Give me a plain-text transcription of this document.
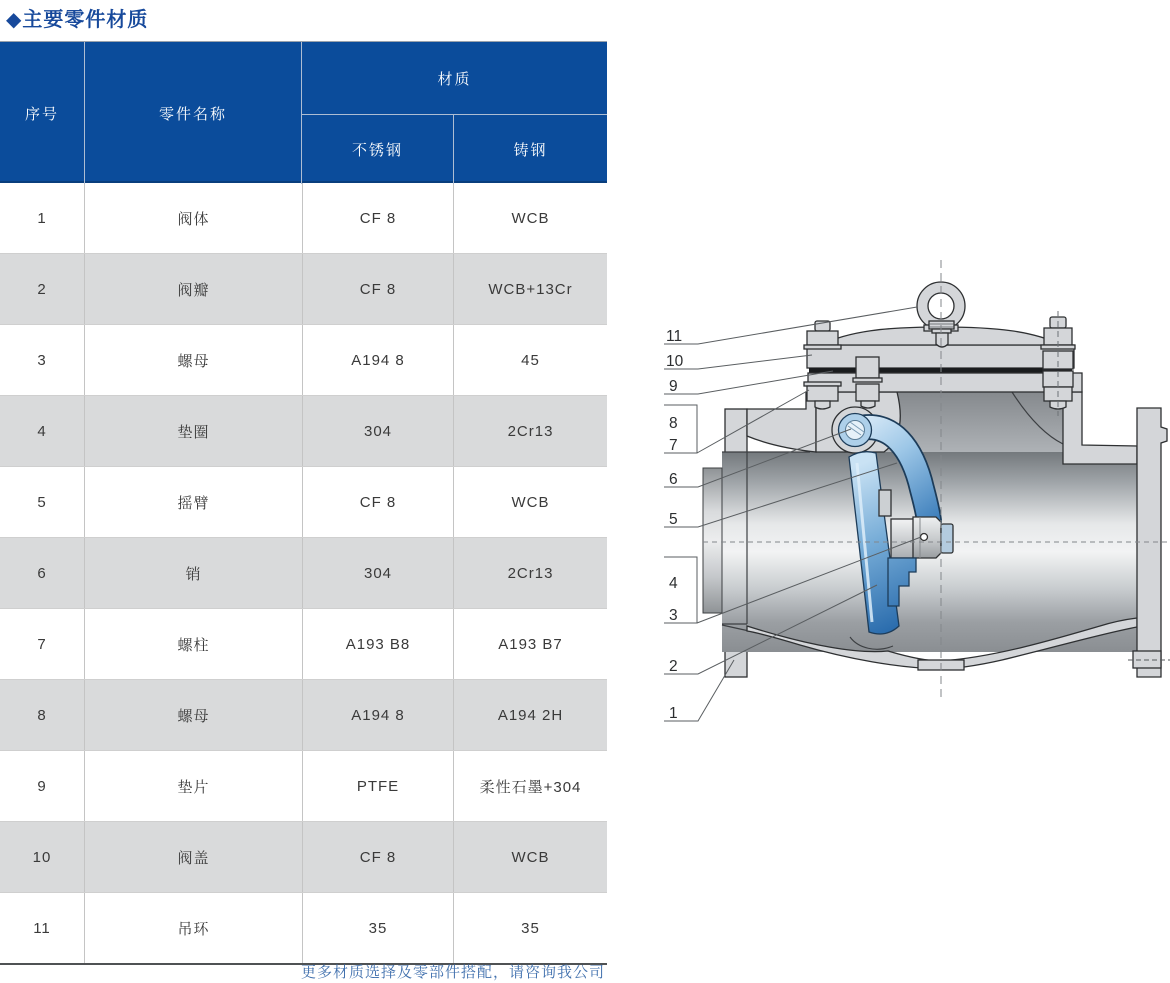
◆主要零件材质
序号	零件名称
材质
不锈钢	铸钢
1	阀体	CF 8	WCB
2	阀瓣	CF 8	WCB+13Cr
3	螺母	A194 8	45
4	垫圈	304	2Cr13
5	摇臂	CF 8	WCB
6	销	304	2Cr13
7	螺柱	A193 B8	A193 B7
8	螺母	A194 8	A194 2H
9	垫片	PTFE	柔性石墨+304
10	阀盖	CF 8	WCB
11	吊环	35	35
更多材质选择及零部件搭配，请咨询我公司
11
10
9
8
7
6
5
4
3
2
1
